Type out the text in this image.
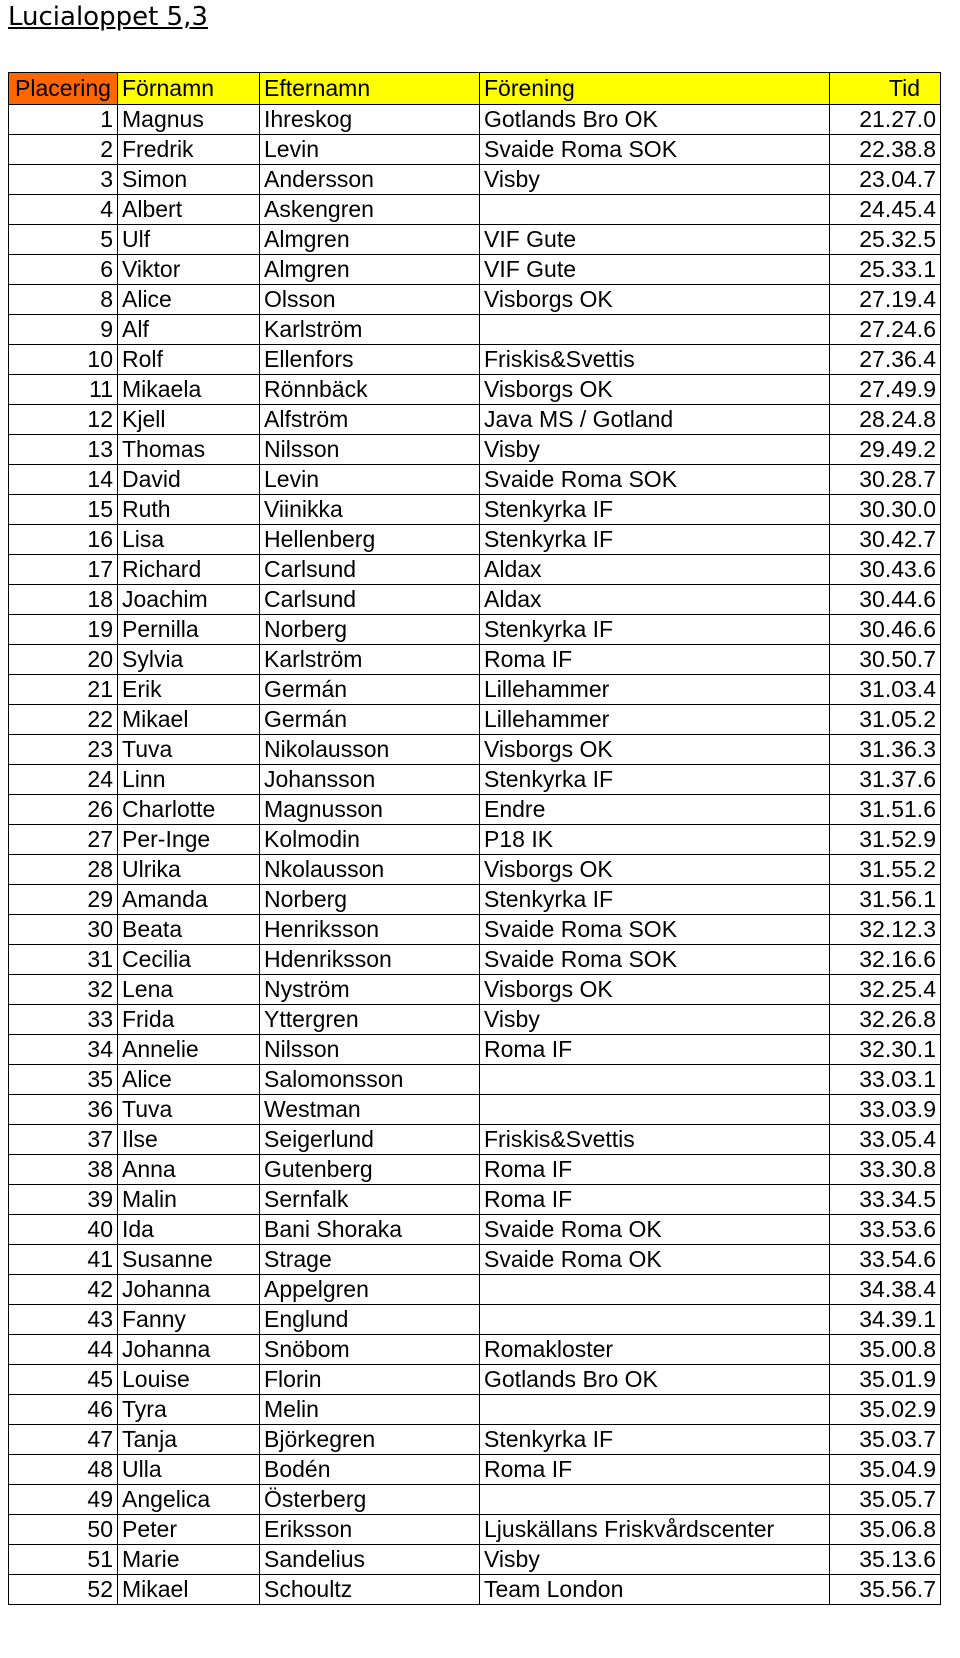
Lucialoppet 5,3
Placering	Förnamn	Efternamn	Förening	Tid
1	Magnus	Ihreskog	Gotlands Bro OK	21.27.0
2	Fredrik	Levin	Svaide Roma SOK	22.38.8
3	Simon	Andersson	Visby	23.04.7
4	Albert	Askengren		24.45.4
5	Ulf	Almgren	VIF Gute	25.32.5
6	Viktor	Almgren	VIF Gute	25.33.1
8	Alice	Olsson	Visborgs OK	27.19.4
9	Alf	Karlström		27.24.6
10	Rolf	Ellenfors	Friskis&Svettis	27.36.4
11	Mikaela	Rönnbäck	Visborgs OK	27.49.9
12	Kjell	Alfström	Java MS / Gotland	28.24.8
13	Thomas	Nilsson	Visby	29.49.2
14	David	Levin	Svaide Roma SOK	30.28.7
15	Ruth	Viinikka	Stenkyrka IF	30.30.0
16	Lisa	Hellenberg	Stenkyrka IF	30.42.7
17	Richard	Carlsund	Aldax	30.43.6
18	Joachim	Carlsund	Aldax	30.44.6
19	Pernilla	Norberg	Stenkyrka IF	30.46.6
20	Sylvia	Karlström	Roma IF	30.50.7
21	Erik	Germán	Lillehammer	31.03.4
22	Mikael	Germán	Lillehammer	31.05.2
23	Tuva	Nikolausson	Visborgs OK	31.36.3
24	Linn	Johansson	Stenkyrka IF	31.37.6
26	Charlotte	Magnusson	Endre	31.51.6
27	Per-Inge	Kolmodin	P18 IK	31.52.9
28	Ulrika	Nkolausson	Visborgs OK	31.55.2
29	Amanda	Norberg	Stenkyrka IF	31.56.1
30	Beata	Henriksson	Svaide Roma SOK	32.12.3
31	Cecilia	Hdenriksson	Svaide Roma SOK	32.16.6
32	Lena	Nyström	Visborgs OK	32.25.4
33	Frida	Yttergren	Visby	32.26.8
34	Annelie	Nilsson	Roma IF	32.30.1
35	Alice	Salomonsson		33.03.1
36	Tuva	Westman		33.03.9
37	Ilse	Seigerlund	Friskis&Svettis	33.05.4
38	Anna	Gutenberg	Roma IF	33.30.8
39	Malin	Sernfalk	Roma IF	33.34.5
40	Ida	Bani Shoraka	Svaide Roma OK	33.53.6
41	Susanne	Strage	Svaide Roma OK	33.54.6
42	Johanna	Appelgren		34.38.4
43	Fanny	Englund		34.39.1
44	Johanna	Snöbom	Romakloster	35.00.8
45	Louise	Florin	Gotlands Bro OK	35.01.9
46	Tyra	Melin		35.02.9
47	Tanja	Björkegren	Stenkyrka IF	35.03.7
48	Ulla	Bodén	Roma IF	35.04.9
49	Angelica	Österberg		35.05.7
50	Peter	Eriksson	Ljuskällans Friskvårdscenter	35.06.8
51	Marie	Sandelius	Visby	35.13.6
52	Mikael	Schoultz	Team London	35.56.7
